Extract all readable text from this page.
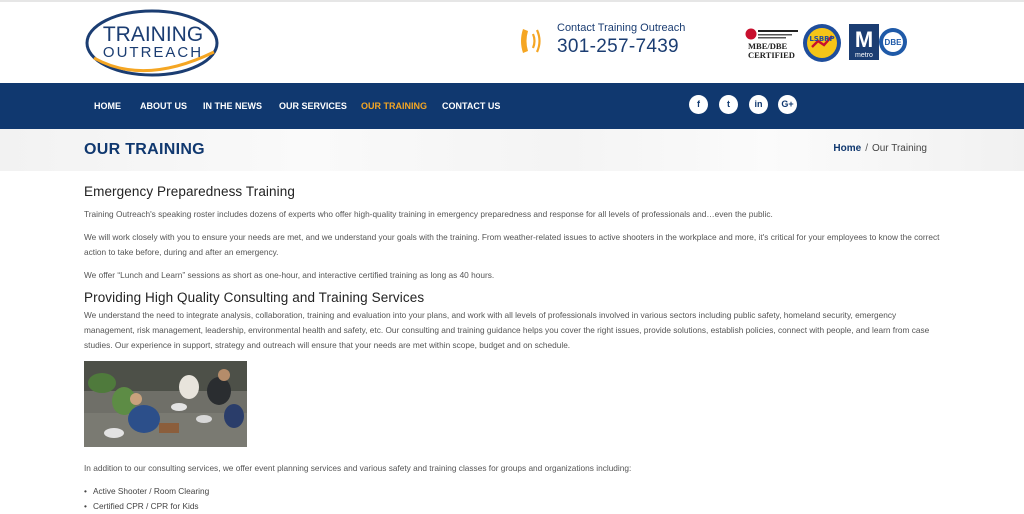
TRAINING
OUTREACH
Contact Training Outreach
301-257-7439	MBE/DBE
CERTIFIED
LSBRP M
metro
DBE
HOME ABOUT US IN THE NEWS OUR SERVICES OUR TRAINING CONTACT US	f	t	in	G+
OUR TRAINING	Home / Our Training
Emergency Preparedness Training

Training Outreach's speaking roster includes dozens of experts who offer high-quality training in emergency preparedness and response for all levels of professionals and…even the public.

We will work closely with you to ensure your needs are met, and we understand your goals with the training. From weather-related issues to active shooters in the workplace and more, it's critical for your employees to know the correct action to take before, during and after an emergency.

We offer “Lunch and Learn” sessions as short as one-hour, and interactive certified training as long as 40 hours.

Providing High Quality Consulting and Training Services

We understand the need to integrate analysis, collaboration, training and evaluation into your plans, and work with all levels of professionals involved in various sectors including public safety, homeland security, emergency management, risk management, leadership, environmental health and safety, etc. Our consulting and training guidance helps you cover the right issues, provide solutions, establish policies, connect with people, and learn from case studies. Our experience in support, strategy and outreach will ensure that your needs are met within scope, budget and on schedule.

In addition to our consulting services, we offer event planning services and various safety and training classes for groups and organizations including:

• Active Shooter / Room Clearing
• Certified CPR / CPR for Kids
